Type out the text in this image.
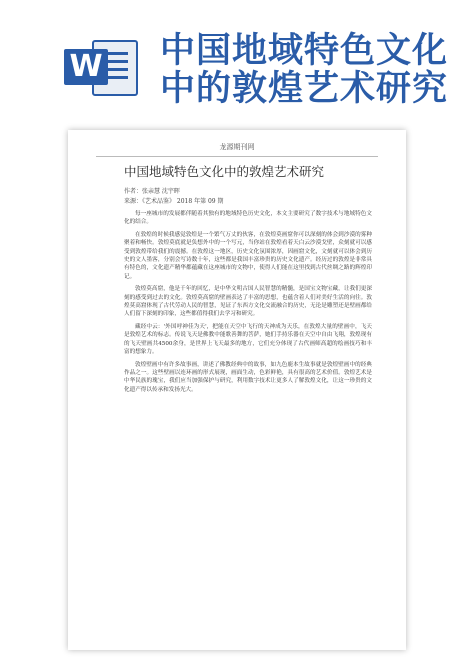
W 中国地域特色文化
中的敦煌艺术研究
龙源期刊网
中国地域特色文化中的敦煌艺术研究
作者：张亲慧 沈宇晖
来源：《艺术品鉴》 2018 年第 09 期

每一座城市的发展都伴随着其独有的地域特色历史文化，本文主要研究了数字技术与地域特色文化的结合。

在敦煌的时候我感觉敦煌是一个繁气万丈的伙客，在敦煌莫画窟你可以深刻的体会到沙漠的雾种聚着和畅快。敦煌莫底就是负想外中的一个写元，当你站在敦煌看着天白云沙漠戈壁，众刻就可以感受到敦煌带给我们的震撼。在敦煌这一地区，历史文化氛围浓厚，因画窟文化，文刻就可以体会到历史的文人墨客，分别会写诗数十年，这些都是我国丰富珍贵的历史文化遗产。经历过的敦煌是非常具有特色的，文化遗产精华都蕴藏在这座城市的文物中，使得人们能在这里找到古代丝绸之路的辉煌印记。

敦煌莫高窟，他是千年的回忆，是中华文明古国人民智慧的精髓，是国宝文物宝藏，让我们更深刻的感受到过去的文化。敦煌莫高窟的壁画表达了丰富的思想，也蕴含着人们对美好生活的向往。敦煌莫高窟体现了古代劳动人民的智慧，见证了东西方文化交流融合的历史，无论是雕塑还是壁画都给人们留下深刻的印象，这些都值得我们去学习和研究。

藏经中云：'外国呼神佳为天'，把能在天空中飞行的天神成为天乐，在敦煌大量的壁画中，飞天是敦煌艺术的标志。传说飞天是佛教中能歌善舞的菩萨，她们手持乐器在天空中自由飞翔，敦煌现有的飞天壁画共4500余身，是世界上飞天最多的地方，它们充分体现了古代画师高超的绘画技巧和丰富的想象力。

敦煌壁画中有许多故事画，讲述了佛教经典中的故事，如九色鹿本生故事就是敦煌壁画中的经典作品之一。这些壁画以连环画的形式展现，画面生动，色彩鲜艳，具有很高的艺术价值。敦煌艺术是中华民族的瑰宝，我们应当加强保护与研究，利用数字技术让更多人了解敦煌文化，让这一珍贵的文化遗产得以传承和发扬光大。
